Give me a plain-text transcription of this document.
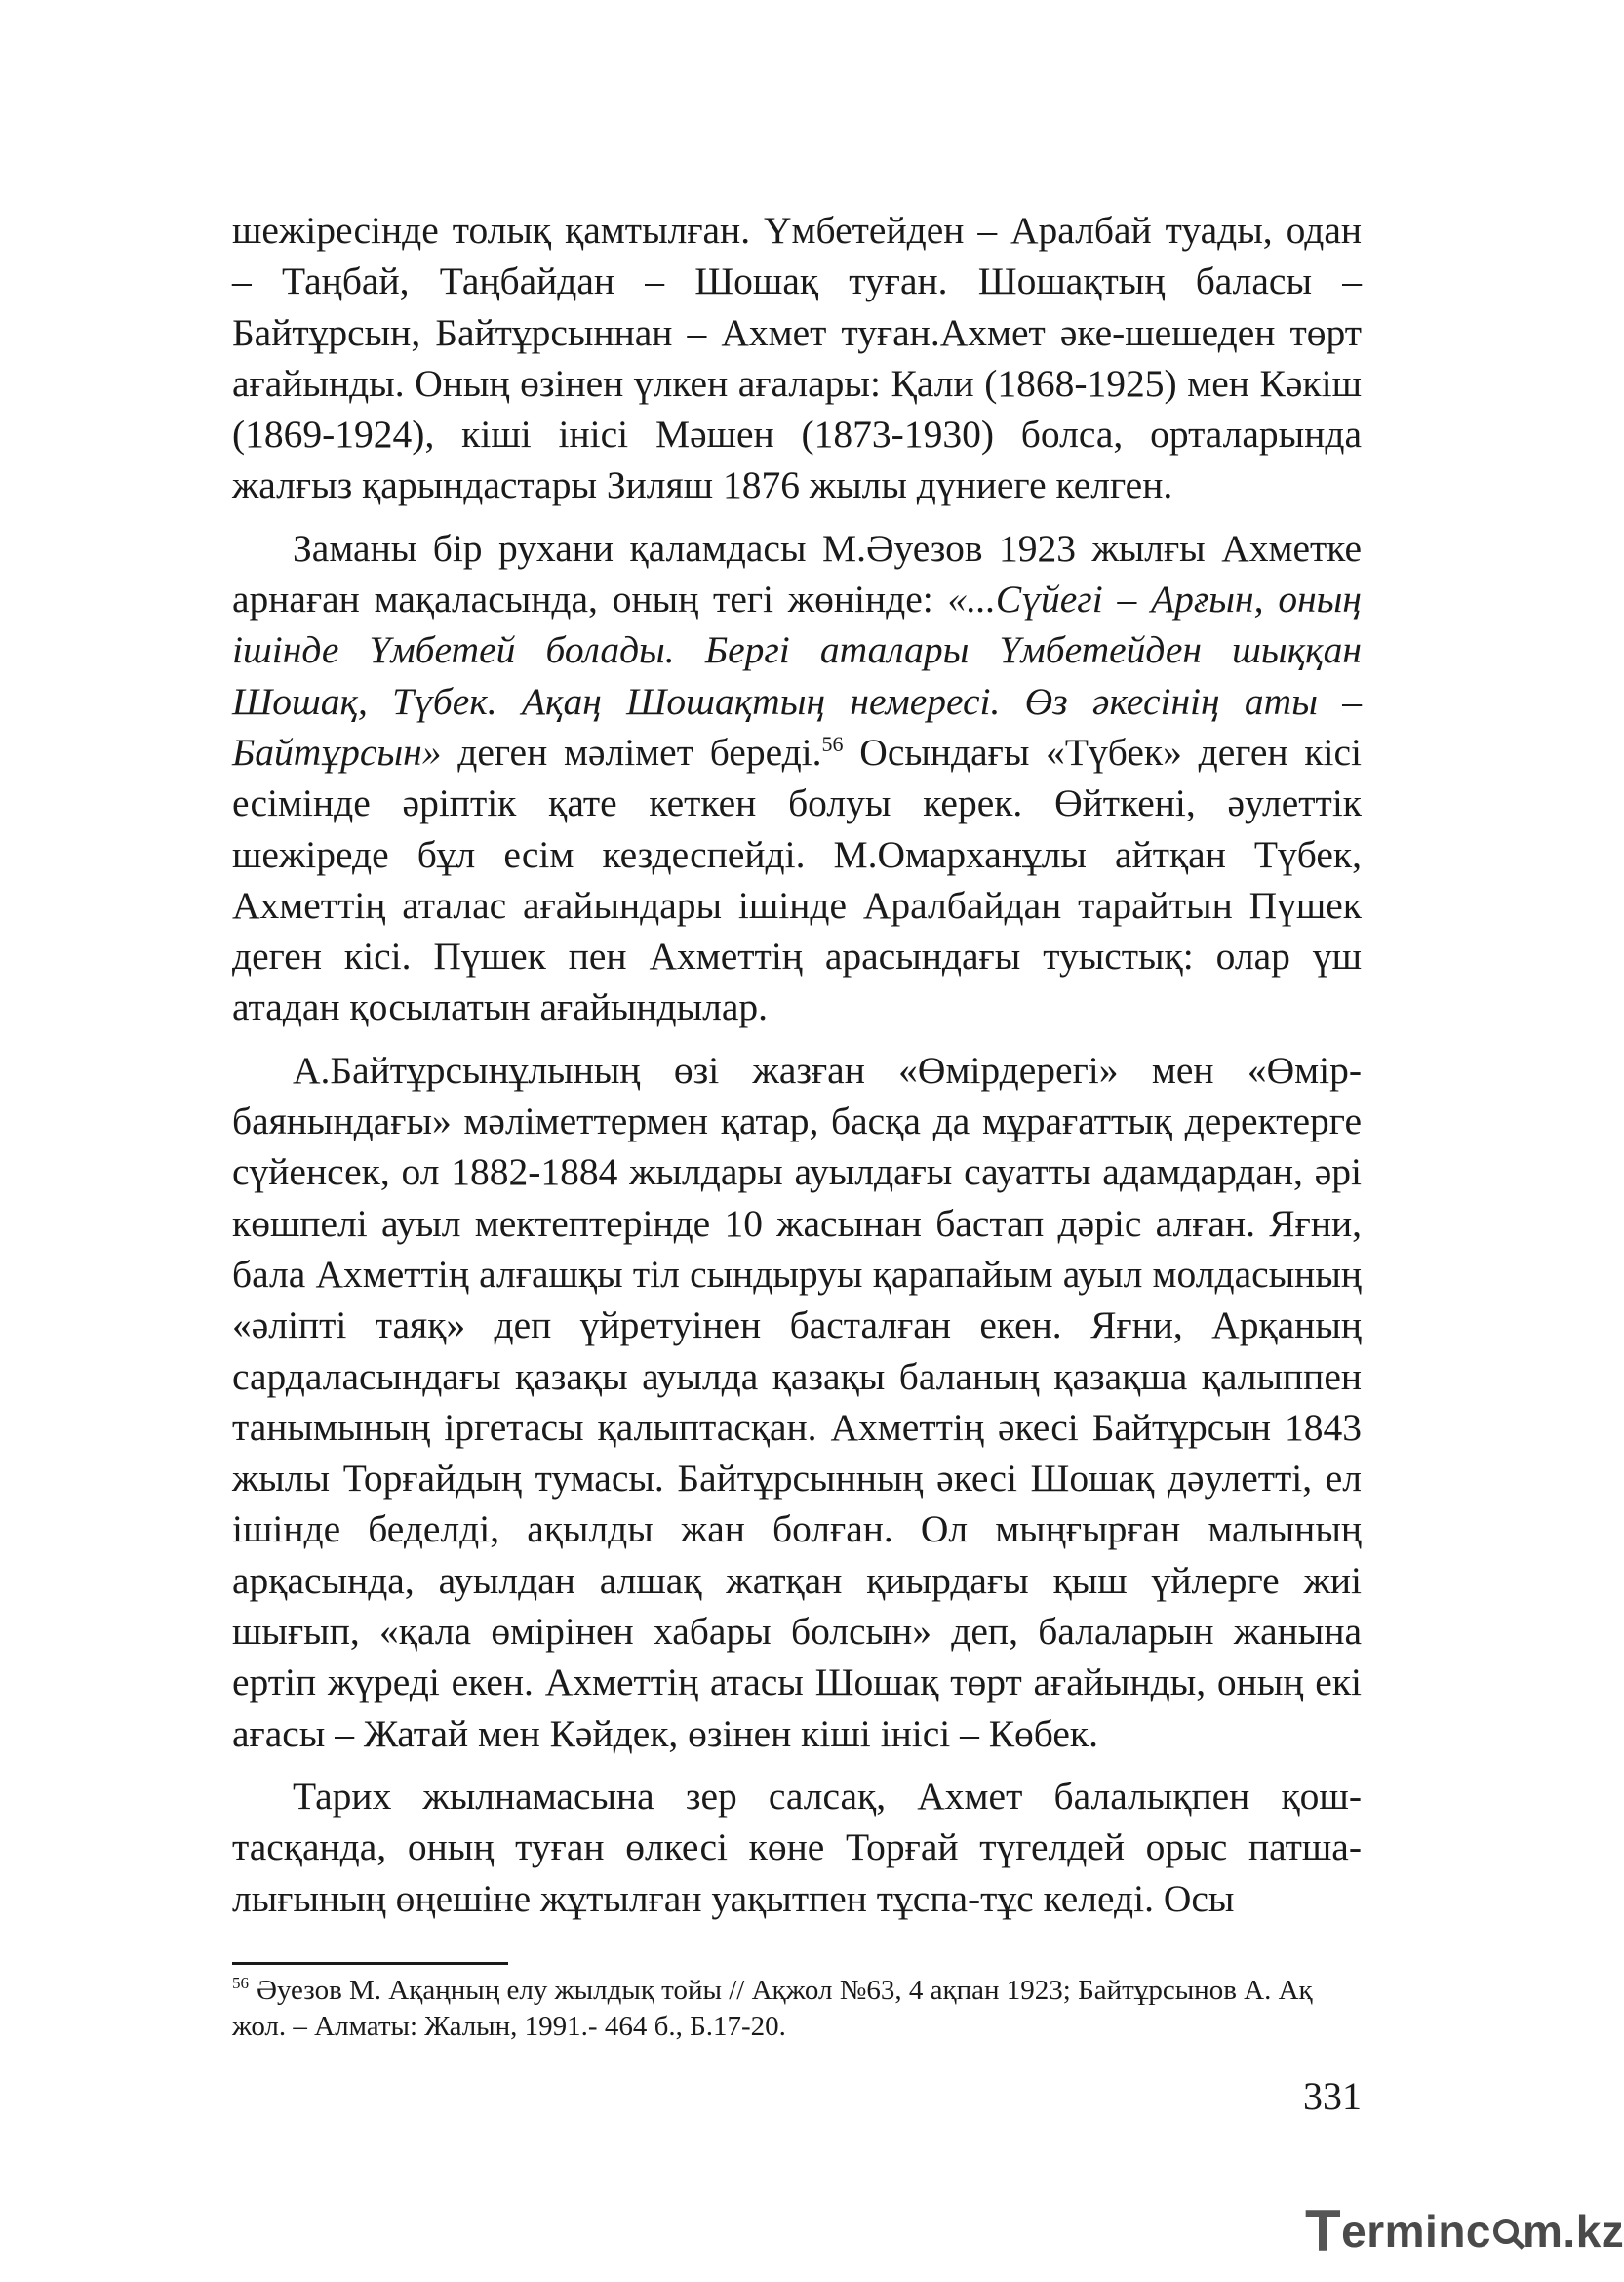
шежіресінде толық қамтылған. Үмбетейден – Аралбай туады, одан – Таңбай, Таңбайдан – Шошақ туған. Шошақтың баласы – Байтұрсын, Байтұрсыннан – Ахмет туған.Ахмет әке-шешеден төрт ағайынды. Оның өзінен үлкен ағалары: Қали (1868-1925) мен Кәкіш (1869-1924), кіші інісі Мәшен (1873-1930) болса, орталарында жалғыз қарындастары Зиляш 1876 жылы дүниеге келген.

Заманы бір рухани қаламдасы М.Әуезов 1923 жылғы Ахметке арнаған мақаласында, оның тегі жөнінде: «...Сүйегі – Арғын, оның ішінде Үмбетей болады. Бергі аталары Үмбетейден шыққан Шошақ, Түбек. Ақаң Шошақтың немересі. Өз әкесінің аты – Байтұрсын» деген мәлімет береді.$^{56}$ Осындағы «Түбек» деген кісі есімінде әріптік қате кеткен болуы керек. Өйткені, әулеттік шежіреде бұл есім кездеспейді. М.Омарханұлы айтқан Түбек, Ахметтің аталас ағайындары ішінде Аралбайдан тарайтын Пүшек деген кісі. Пүшек пен Ахметтің арасындағы туыстық: олар үш атадан қосылатын ағайындылар.

А.Байтұрсынұлының өзі жазған «Өмірдерегі» мен «Өмірбаянындағы» мәліметтермен қатар, басқа да мұрағаттық деректерге сүйенсек, ол 1882-1884 жылдары ауылдағы сауатты адамдардан, әрі көшпелі ауыл мектептерінде 10 жасынан бастап дәріс алған. Яғни, бала Ахметтің алғашқы тіл сындыруы қарапайым ауыл молдасының «әліпті таяқ» деп үйретуінен басталған екен. Яғни, Арқаның сардаласындағы қазақы ауылда қазақы баланың қазақша қалыппен танымының іргетасы қалыптасқан. Ахметтің әкесі Байтұрсын 1843 жылы Торғайдың тумасы. Байтұрсынның әкесі Шошақ дәулетті, ел ішінде беделді, ақылды жан болған. Ол мыңғырған малының арқасында, ауылдан алшақ жатқан қиырдағы қыш үйлерге жиі шығып, «қала өмірінен хабары болсын» деп, балаларын жанына ертіп жүреді екен. Ахметтің атасы Шошақ төрт ағайынды, оның екі ағасы – Жатай мен Кәйдек, өзінен кіші інісі – Көбек.

Тарих жылнамасына зер салсақ, Ахмет балалықпен қоштасқанда, оның туған өлкесі көне Торғай түгелдей орыс патшалығының өңешіне жұтылған уақытпен тұспа-тұс келеді. Осы

$^{56}$ Әуезов М. Ақаңның елу жылдық тойы // Ақжол №63, 4 ақпан 1923; Байтұрсынов А. Ақ жол. – Алматы: Жалын, 1991.- 464 б., Б.17-20.
331
T erminc m.kz
